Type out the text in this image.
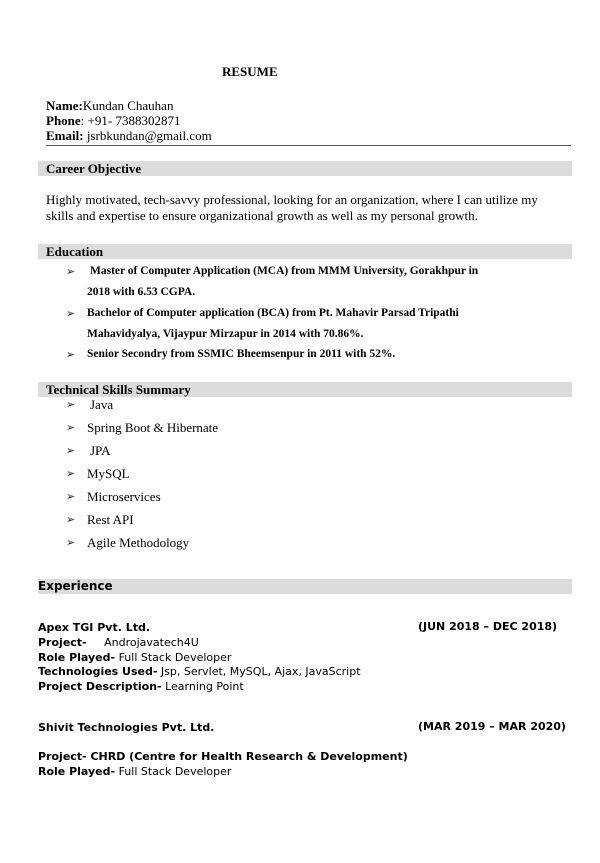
RESUME
Name:Kundan Chauhan
Phone: +91- 7388302871
Email: jsrbkundan@gmail.com
Career Objective
Highly motivated, tech-savvy professional, looking for an organization, where I can utilize my skills and expertise to ensure organizational growth as well as my personal growth.
Education
➢ Master of Computer Application (MCA) from MMM University, Gorakhpur in
2018 with 6.53 CGPA.
➢ Bachelor of Computer application (BCA) from Pt. Mahavir Parsad Tripathi
Mahavidyalya, Vijaypur Mirzapur in 2014 with 70.86%.
➢ Senior Secondry from SSMIC Bheemsenpur in 2011 with 52%.
Technical Skills Summary
➢ Java
➢ Spring Boot & Hibernate
➢ JPA
➢ MySQL
➢ Microservices
➢ Rest API
➢ Agile Methodology
Experience
Apex TGI Pvt. Ltd.	(JUN 2018 – DEC 2018)
Project-     Androjavatech4U
Role Played- Full Stack Developer
Technologies Used- Jsp, Servlet, MySQL, Ajax, JavaScript
Project Description- Learning Point
Shivit Technologies Pvt. Ltd.	(MAR 2019 – MAR 2020)
Project- CHRD (Centre for Health Research & Development)
Role Played- Full Stack Developer
